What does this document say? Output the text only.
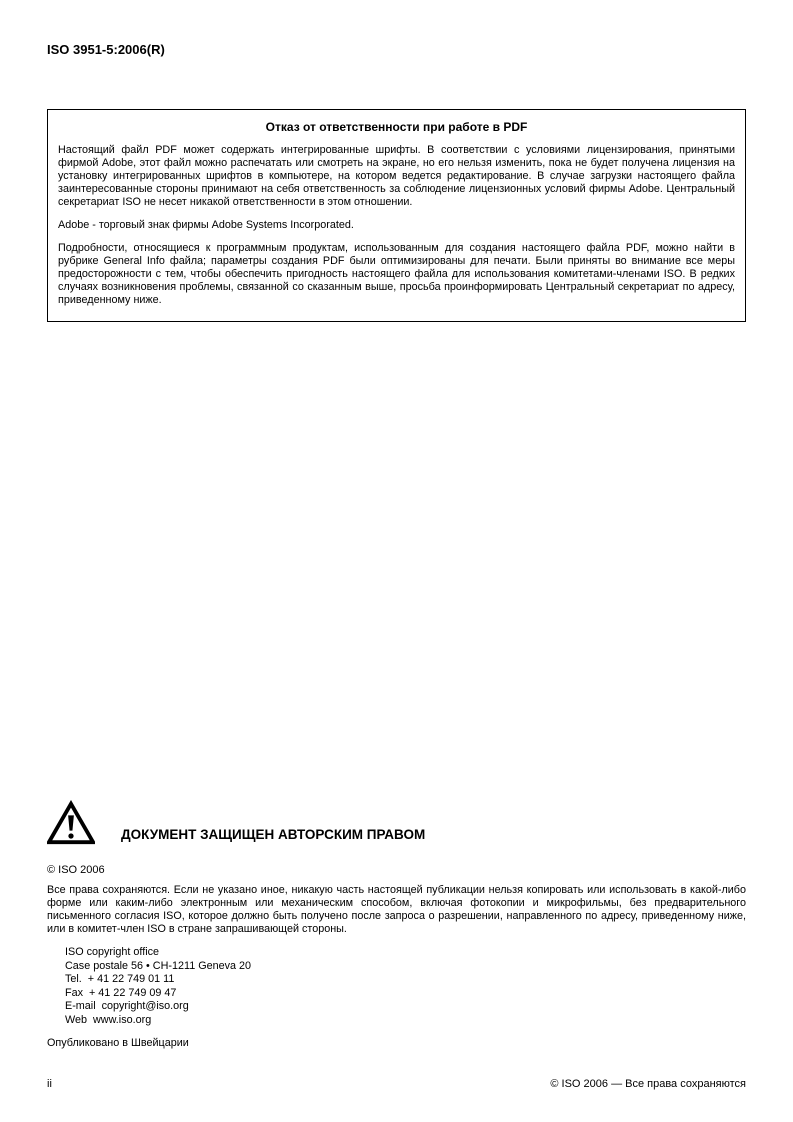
ISO 3951-5:2006(R)
Отказ от ответственности при работе в PDF

Настоящий файл PDF может содержать интегрированные шрифты. В соответствии с условиями лицензирования, принятыми фирмой Adobe, этот файл можно распечатать или смотреть на экране, но его нельзя изменить, пока не будет получена лицензия на установку интегрированных шрифтов в компьютере, на котором ведется редактирование. В случае загрузки настоящего файла заинтересованные стороны принимают на себя ответственность за соблюдение лицензионных условий фирмы Adobe. Центральный секретариат ISO не несет никакой ответственности в этом отношении.

Adobe - торговый знак фирмы Adobe Systems Incorporated.

Подробности, относящиеся к программным продуктам, использованным для создания настоящего файла PDF, можно найти в рубрике General Info файла; параметры создания PDF были оптимизированы для печати. Были приняты во внимание все меры предосторожности с тем, чтобы обеспечить пригодность настоящего файла для использования комитетами-членами ISO. В редких случаях возникновения проблемы, связанной со сказанным выше, просьба проинформировать Центральный секретариат по адресу, приведенному ниже.

ДОКУМЕНТ ЗАЩИЩЕН АВТОРСКИМ ПРАВОМ
© ISO 2006
Все права сохраняются. Если не указано иное, никакую часть настоящей публикации нельзя копировать или использовать в какой-либо форме или каким-либо электронным или механическим способом, включая фотокопии и микрофильмы, без предварительного письменного согласия ISO, которое должно быть получено после запроса о разрешении, направленного по адресу, приведенному ниже, или в комитет-член ISO в стране запрашивающей стороны.
ISO copyright office
Case postale 56 • CH-1211 Geneva 20
Tel.  + 41 22 749 01 11
Fax  + 41 22 749 09 47
E-mail  copyright@iso.org
Web  www.iso.org
Опубликовано в Швейцарии
ii	© ISO 2006 — Все права сохраняются
